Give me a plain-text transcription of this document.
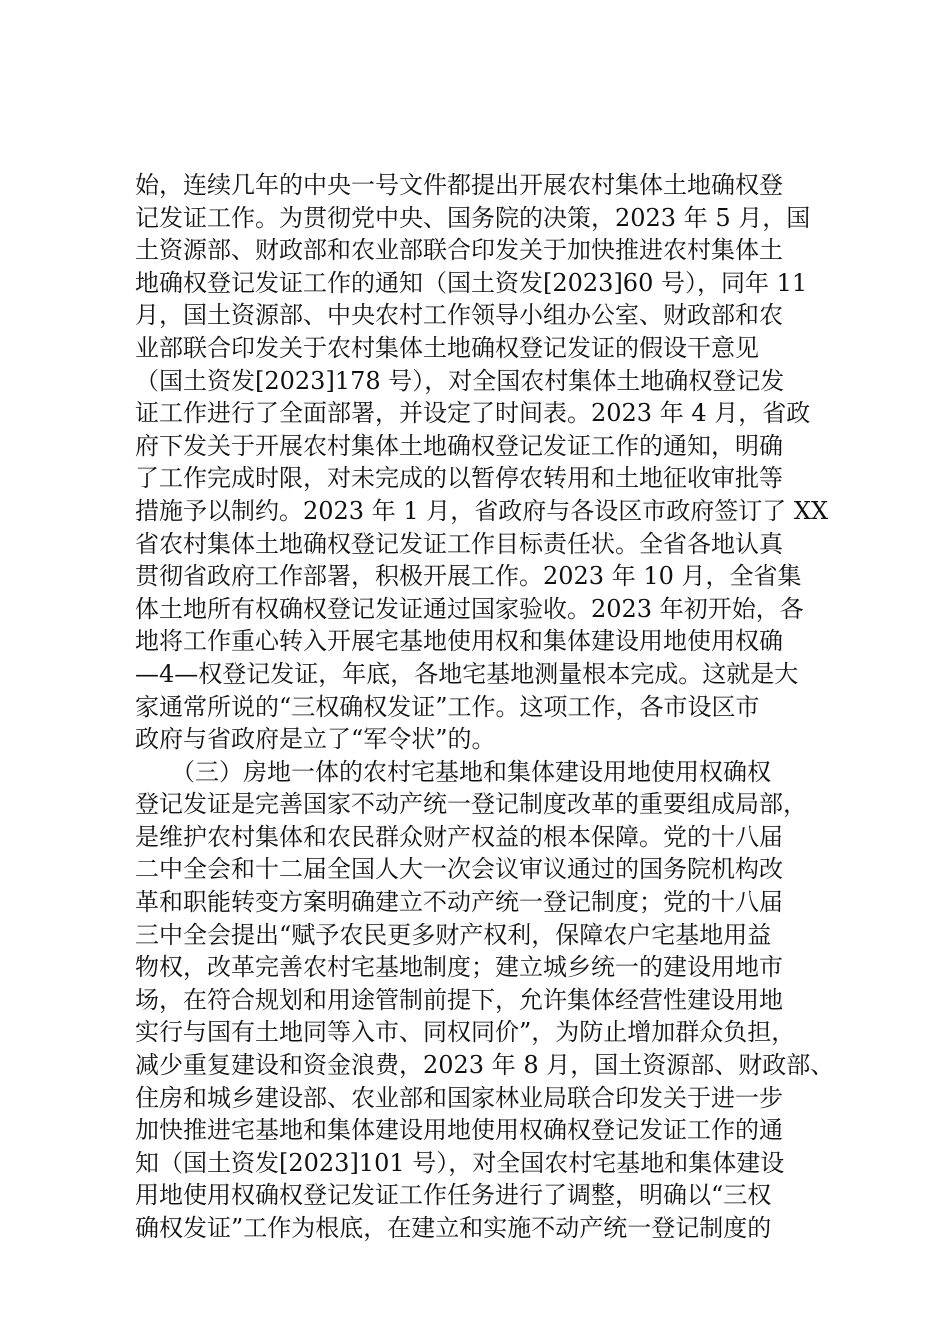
始，连续几年的中央一号文件都提出开展农村集体土地确权登
记发证工作。为贯彻党中央、国务院的决策，2023 年 5 月，国
土资源部、财政部和农业部联合印发关于加快推进农村集体土
地确权登记发证工作的通知（国土资发[2023]60 号），同年 11
月，国土资源部、中央农村工作领导小组办公室、财政部和农
业部联合印发关于农村集体土地确权登记发证的假设干意见
（国土资发[2023]178 号），对全国农村集体土地确权登记发
证工作进行了全面部署，并设定了时间表。2023 年 4 月，省政
府下发关于开展农村集体土地确权登记发证工作的通知，明确
了工作完成时限，对未完成的以暂停农转用和土地征收审批等
措施予以制约。2023 年 1 月，省政府与各设区市政府签订了 XX
省农村集体土地确权登记发证工作目标责任状。全省各地认真
贯彻省政府工作部署，积极开展工作。2023 年 10 月，全省集
体土地所有权确权登记发证通过国家验收。2023 年初开始，各
地将工作重心转入开展宅基地使用权和集体建设用地使用权确
—4—权登记发证，年底，各地宅基地测量根本完成。这就是大
家通常所说的“三权确权发证”工作。这项工作，各市设区市
政府与省政府是立了“军令状”的。
　　（三）房地一体的农村宅基地和集体建设用地使用权确权
登记发证是完善国家不动产统一登记制度改革的重要组成局部，
是维护农村集体和农民群众财产权益的根本保障。党的十八届
二中全会和十二届全国人大一次会议审议通过的国务院机构改
革和职能转变方案明确建立不动产统一登记制度；党的十八届
三中全会提出“赋予农民更多财产权利，保障农户宅基地用益
物权，改革完善农村宅基地制度；建立城乡统一的建设用地市
场，在符合规划和用途管制前提下，允许集体经营性建设用地
实行与国有土地同等入市、同权同价”，为防止增加群众负担，
减少重复建设和资金浪费，2023 年 8 月，国土资源部、财政部、
住房和城乡建设部、农业部和国家林业局联合印发关于进一步
加快推进宅基地和集体建设用地使用权确权登记发证工作的通
知（国土资发[2023]101 号），对全国农村宅基地和集体建设
用地使用权确权登记发证工作任务进行了调整，明确以“三权
确权发证”工作为根底，在建立和实施不动产统一登记制度的
